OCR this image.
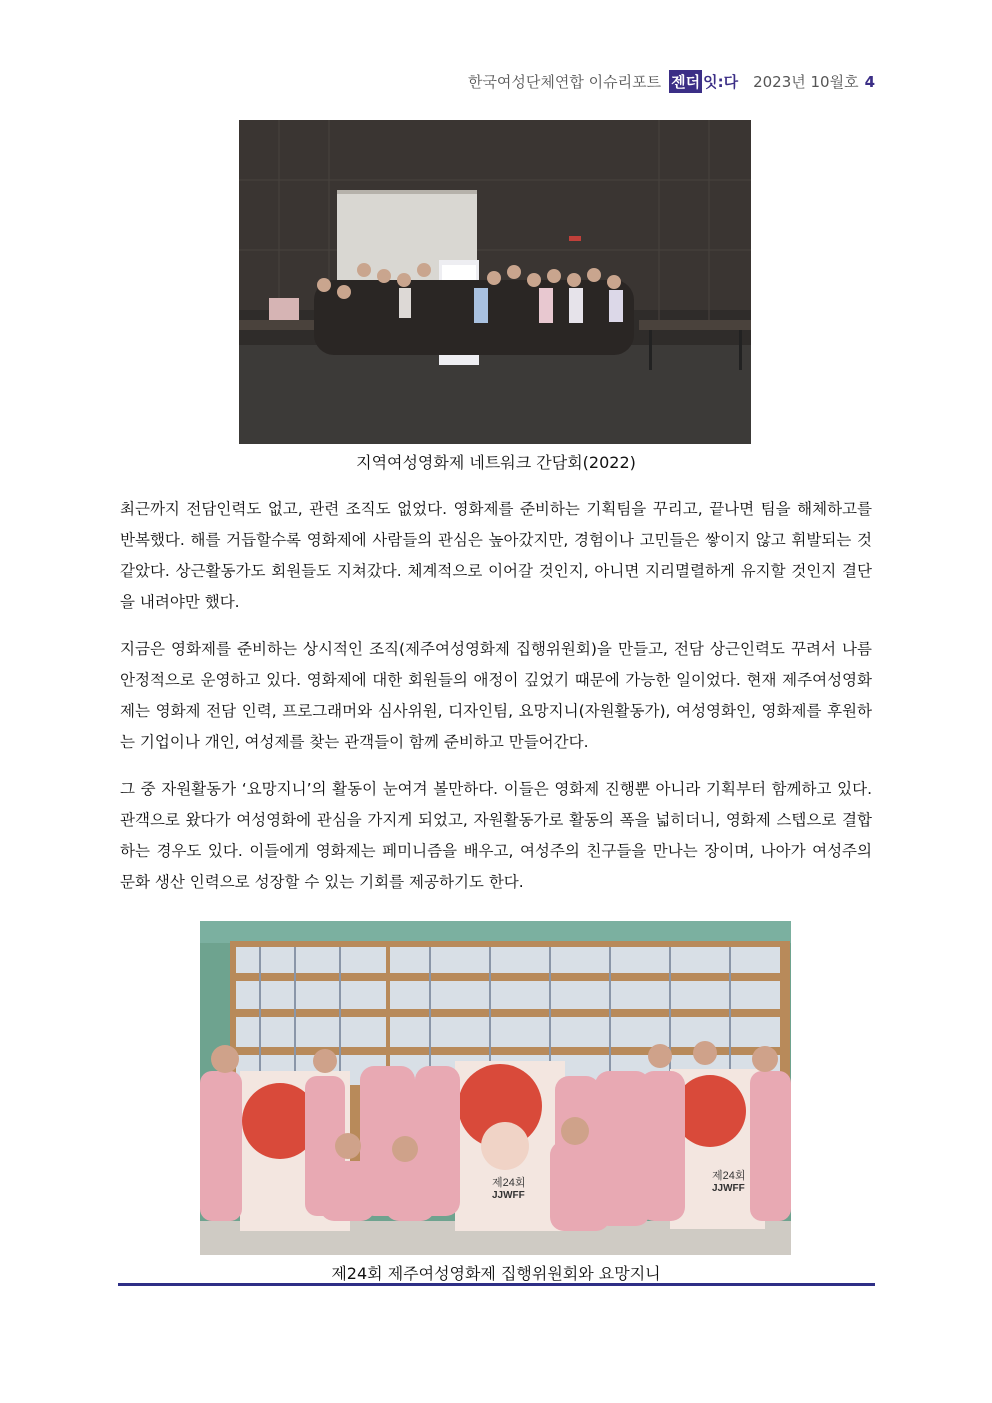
한국여성단체연합 이슈리포트 젠더 잇:다 2023년 10월호 4
지역여성영화제 네트워크 간담회(2022)

최근까지 전담인력도 없고, 관련 조직도 없었다. 영화제를 준비하는 기획팀을 꾸리고, 끝나면 팀을 해체하고를 반복했다. 해를 거듭할수록 영화제에 사람들의 관심은 높아갔지만, 경험이나 고민들은 쌓이지 않고 휘발되는 것 같았다. 상근활동가도 회원들도 지쳐갔다. 체계적으로 이어갈 것인지, 아니면 지리멸렬하게 유지할 것인지 결단을 내려야만 했다.

지금은 영화제를 준비하는 상시적인 조직(제주여성영화제 집행위원회)을 만들고, 전담 상근인력도 꾸려서 나름 안정적으로 운영하고 있다. 영화제에 대한 회원들의 애정이 깊었기 때문에 가능한 일이었다. 현재 제주여성영화제는 영화제 전담 인력, 프로그래머와 심사위원, 디자인팀, 요망지니(자원활동가), 여성영화인, 영화제를 후원하는 기업이나 개인, 여성제를 찾는 관객들이 함께 준비하고 만들어간다.

그 중 자원활동가 ‘요망지니’의 활동이 눈여겨 볼만하다. 이들은 영화제 진행뿐 아니라 기획부터 함께하고 있다. 관객으로 왔다가 여성영화에 관심을 가지게 되었고, 자원활동가로 활동의 폭을 넓히더니, 영화제 스텝으로 결합하는 경우도 있다. 이들에게 영화제는 페미니즘을 배우고, 여성주의 친구들을 만나는 장이며, 나아가 여성주의 문화 생산 인력으로 성장할 수 있는 기회를 제공하기도 한다.

제24회
JJWFF
제24회
JJWFF
제24회 제주여성영화제 집행위원회와 요망지니
